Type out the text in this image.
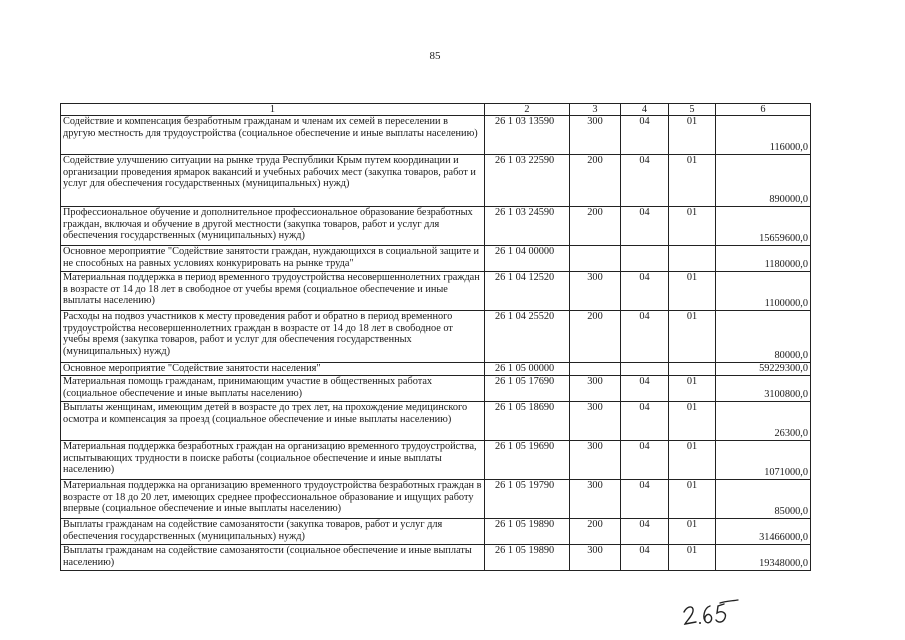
85
1	2	3	4	5	6
Содействие и компенсация безработным гражданам и членам их семей в переселении в другую местность для трудоустройства (социальное обеспечение и иные выплаты населению)	26 1 03 13590	300	04	01	116000,0
Содействие улучшению ситуации на рынке труда Республики Крым путем координации и организации проведения ярмарок вакансий и учебных рабочих мест (закупка товаров, работ и услуг для обеспечения государственных (муниципальных) нужд)	26 1 03 22590	200	04	01	890000,0
Профессиональное обучение и дополнительное профессиональное образование безработных граждан, включая и обучение в другой местности (закупка товаров, работ и услуг для обеспечения государственных (муниципальных) нужд)	26 1 03 24590	200	04	01	15659600,0
Основное мероприятие "Содействие занятости граждан, нуждающихся в социальной защите и не способных на равных условиях конкурировать на рынке труда"	26 1 04 00000				1180000,0
Материальная поддержка в период временного трудоустройства несовершеннолетних граждан в возрасте от 14 до 18 лет в свободное от учебы время (социальное обеспечение и иные выплаты населению)	26 1 04 12520	300	04	01	1100000,0
Расходы на подвоз участников к месту проведения работ и обратно в период временного трудоустройства несовершеннолетних граждан в возрасте от 14 до 18 лет в свободное от учебы время (закупка товаров, работ и услуг для обеспечения государственных (муниципальных) нужд)	26 1 04 25520	200	04	01	80000,0
Основное мероприятие "Содействие занятости населения"	26 1 05 00000				59229300,0
Материальная помощь гражданам, принимающим участие в общественных работах (социальное обеспечение и иные выплаты населению)	26 1 05 17690	300	04	01	3100800,0
Выплаты женщинам, имеющим детей в возрасте до трех лет, на прохождение медицинского осмотра и компенсация за проезд (социальное обеспечение и иные выплаты населению)	26 1 05 18690	300	04	01	26300,0
Материальная поддержка безработных граждан на организацию временного трудоустройства, испытывающих трудности в поиске работы (социальное обеспечение и иные выплаты населению)	26 1 05 19690	300	04	01	1071000,0
Материальная поддержка на организацию временного трудоустройства безработных граждан в возрасте от 18 до 20 лет, имеющих среднее профессиональное образование и ищущих работу впервые (социальное обеспечение и иные выплаты населению)	26 1 05 19790	300	04	01	85000,0
Выплаты гражданам на содействие самозанятости (закупка товаров, работ и услуг для обеспечения государственных (муниципальных) нужд)	26 1 05 19890	200	04	01	31466000,0
Выплаты гражданам на содействие самозанятости (социальное обеспечение и иные выплаты населению)	26 1 05 19890	300	04	01	19348000,0
